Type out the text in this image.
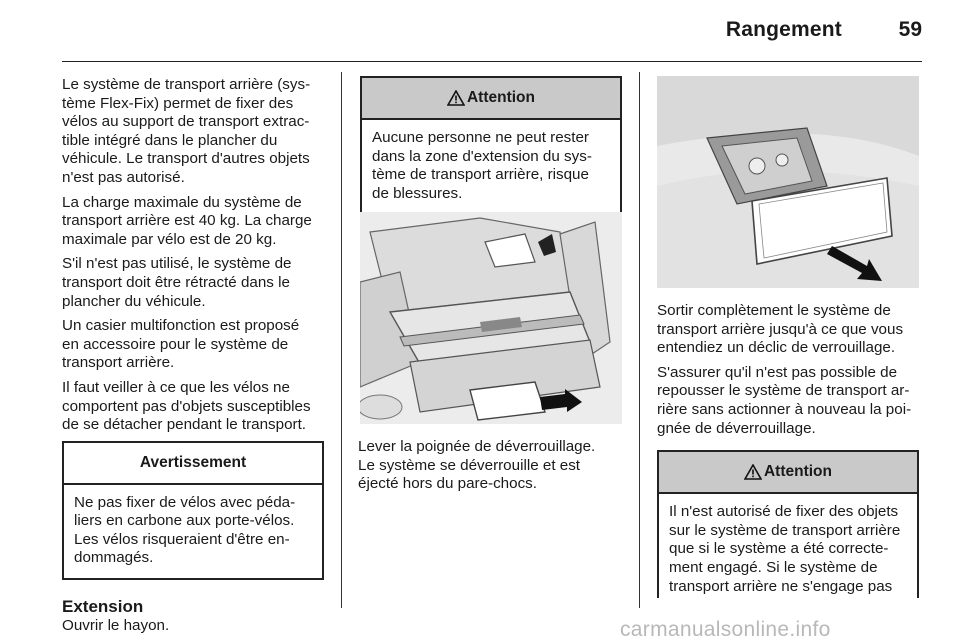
Rangement	59

Le système de transport arrière (sys-
tème Flex-Fix) permet de fixer des
vélos au support de transport extrac-
tible intégré dans le plancher du
véhicule. Le transport d'autres objets
n'est pas autorisé.

La charge maximale du système de
transport arrière est 40 kg. La charge
maximale par vélo est de 20 kg.

S'il n'est pas utilisé, le système de
transport doit être rétracté dans le
plancher du véhicule.

Un casier multifonction est proposé
en accessoire pour le système de
transport arrière.

Il faut veiller à ce que les vélos ne
comportent pas d'objets susceptibles
de se détacher pendant le transport.

Avertissement
Ne pas fixer de vélos avec péda-
liers en carbone aux porte-vélos.
Les vélos risqueraient d'être en-
dommagés.

Extension

Ouvrir le hayon.

Attention
Aucune personne ne peut rester
dans la zone d'extension du sys-
tème de transport arrière, risque
de blessures.

Lever la poignée de déverrouillage.
Le système se déverrouille et est
éjecté hors du pare-chocs.

Sortir complètement le système de
transport arrière jusqu'à ce que vous
entendiez un déclic de verrouillage.

S'assurer qu'il n'est pas possible de
repousser le système de transport ar-
rière sans actionner à nouveau la poi-
gnée de déverrouillage.

Attention
Il n'est autorisé de fixer des objets
sur le système de transport arrière
que si le système a été correcte-
ment engagé. Si le système de
transport arrière ne s'engage pas
carmanualsonline.info
